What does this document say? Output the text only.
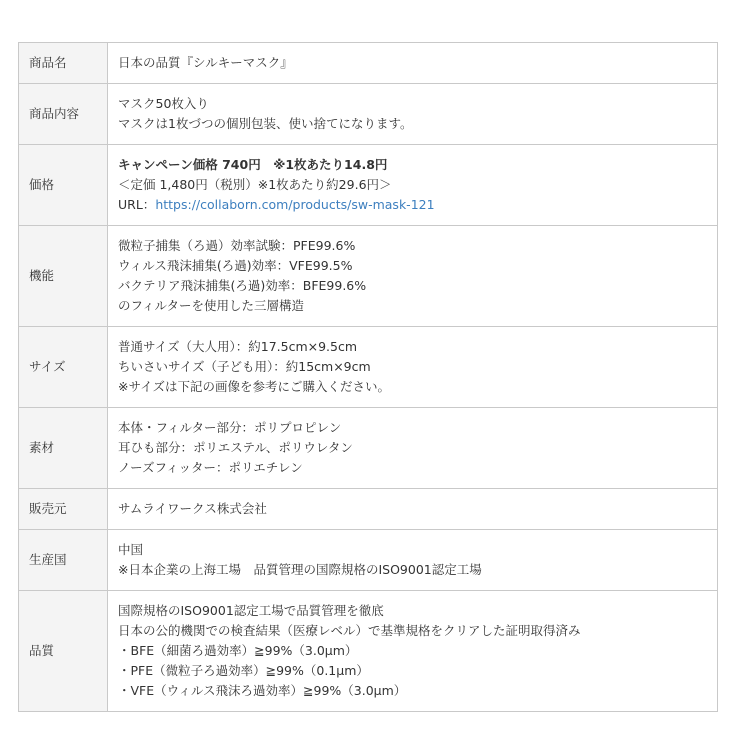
商品名	日本の品質『シルキーマスク』

商品内容	マスク50枚入り
マスクは1枚づつの個別包装、使い捨てになります。

価格	キャンペーン価格 740円　※1枚あたり14.8円
＜定価 1,480円（税別）※1枚あたり約29.6円＞
URL：https://collaborn.com/products/sw-mask-121

機能	微粒子捕集（ろ過）効率試験：PFE99.6%
ウィルス飛沫捕集(ろ過)効率：VFE99.5%
バクテリア飛沫捕集(ろ過)効率：BFE99.6%
のフィルターを使用した三層構造

サイズ	普通サイズ（大人用）：約17.5cm×9.5cm
ちいさいサイズ（子ども用）：約15cm×9cm
※サイズは下記の画像を参考にご購入ください。

素材	本体・フィルター部分：ポリプロピレン
耳ひも部分：ポリエステル、ポリウレタン
ノーズフィッター：ポリエチレン

販売元	サムライワークス株式会社

生産国	中国
※日本企業の上海工場　品質管理の国際規格のISO9001認定工場

品質	国際規格のISO9001認定工場で品質管理を徹底
日本の公的機関での検査結果（医療レベル）で基準規格をクリアした証明取得済み
・BFE（細菌ろ過効率）≧99%（3.0μm）
・PFE（微粒子ろ過効率）≧99%（0.1μm）
・VFE（ウィルス飛沫ろ過効率）≧99%（3.0μm）
